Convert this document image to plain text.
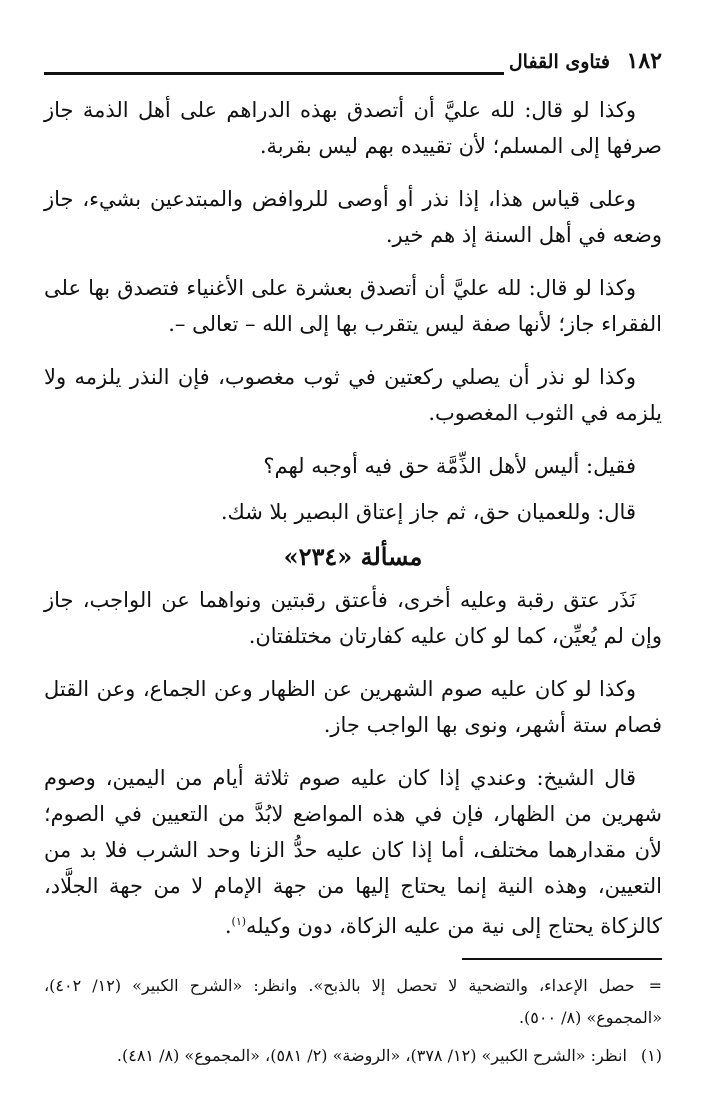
١٨٢
فتاوى القفال

وكذا لو قال: لله عليَّ أن أتصدق بهذه الدراهم على أهل الذمة جاز صرفها إلى المسلم؛ لأن تقييده بهم ليس بقربة.

وعلى قياس هذا، إذا نذر أو أوصى للروافض والمبتدعين بشيء، جاز وضعه في أهل السنة إذ هم خير.

وكذا لو قال: لله عليَّ أن أتصدق بعشرة على الأغنياء فتصدق بها على الفقراء جاز؛ لأنها صفة ليس يتقرب بها إلى الله – تعالى –.

وكذا لو نذر أن يصلي ركعتين في ثوب مغصوب، فإن النذر يلزمه ولا يلزمه في الثوب المغصوب.

فقيل: أليس لأهل الذِّمَّة حق فيه أوجبه لهم؟

قال: وللعميان حق، ثم جاز إعتاق البصير بلا شك.

مسألة «٢٣٤»

نَذَر عتق رقبة وعليه أخرى، فأعتق رقبتين ونواهما عن الواجب، جاز وإن لم يُعيِّن، كما لو كان عليه كفارتان مختلفتان.

وكذا لو كان عليه صوم الشهرين عن الظهار وعن الجماع، وعن القتل فصام ستة أشهر، ونوى بها الواجب جاز.

قال الشيخ: وعندي إذا كان عليه صوم ثلاثة أيام من اليمين، وصوم شهرين من الظهار، فإن في هذه المواضع لابُدَّ من التعيين في الصوم؛ لأن مقدارهما مختلف، أما إذا كان عليه حدُّ الزنا وحد الشرب فلا بد من التعيين، وهذه النية إنما يحتاج إليها من جهة الإمام لا من جهة الجلَّاد، كالزكاة يحتاج إلى نية من عليه الزكاة، دون وكيله$^{(١)}$.

=حصل الإعداء، والتضحية لا تحصل إلا بالذبح». وانظر: «الشرح الكبير» (١٢/ ٤٠٢)، «المجموع» (٨/ ٥٠٠).

(١)انظر: «الشرح الكبير» (١٢/ ٣٧٨)، «الروضة» (٢/ ٥٨١)، «المجموع» (٨/ ٤٨١).
